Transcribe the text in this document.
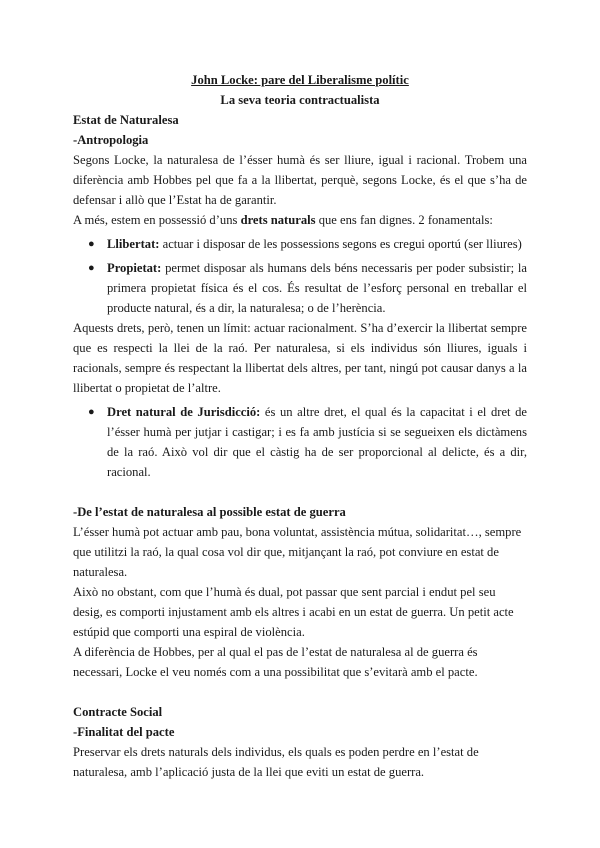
John Locke: pare del Liberalisme polític

La seva teoria contractualista

Estat de Naturalesa

-Antropologia

Segons Locke, la naturalesa de l’ésser humà és ser lliure, igual i racional. Trobem una diferència amb Hobbes pel que fa a la llibertat, perquè, segons Locke, és el que s’ha de defensar i allò que l’Estat ha de garantir.

A més, estem en possessió d’uns drets naturals que ens fan dignes. 2 fonamentals:

● Llibertat: actuar i disposar de les possessions segons es cregui oportú (ser lliures)
● Propietat: permet disposar als humans dels béns necessaris per poder subsistir; la primera propietat física és el cos. És resultat de l’esforç personal en treballar el producte natural, és a dir, la naturalesa; o de l’herència.

Aquests drets, però, tenen un límit: actuar racionalment. S’ha d’exercir la llibertat sempre que es respecti la llei de la raó. Per naturalesa, si els individus són lliures, iguals i racionals, sempre és respectant la llibertat dels altres, per tant, ningú pot causar danys a la llibertat o propietat de l’altre.

● Dret natural de Jurisdicció: és un altre dret, el qual és la capacitat i el dret de l’ésser humà per jutjar i castigar; i es fa amb justícia si se segueixen els dictàmens de la raó. Això vol dir que el càstig ha de ser proporcional al delicte, és a dir, racional.

-De l’estat de naturalesa al possible estat de guerra

L’ésser humà pot actuar amb pau, bona voluntat, assistència mútua, solidaritat…, sempre que utilitzi la raó, la qual cosa vol dir que, mitjançant la raó, pot conviure en estat de naturalesa.

Això no obstant, com que l’humà és dual, pot passar que sent parcial i endut pel seu desig, es comporti injustament amb els altres i acabi en un estat de guerra. Un petit acte estúpid que comporti una espiral de violència.

A diferència de Hobbes, per al qual el pas de l’estat de naturalesa al de guerra és necessari, Locke el veu només com a una possibilitat que s’evitarà amb el pacte.

Contracte Social

-Finalitat del pacte

Preservar els drets naturals dels individus, els quals es poden perdre en l’estat de naturalesa, amb l’aplicació justa de la llei que eviti un estat de guerra.
